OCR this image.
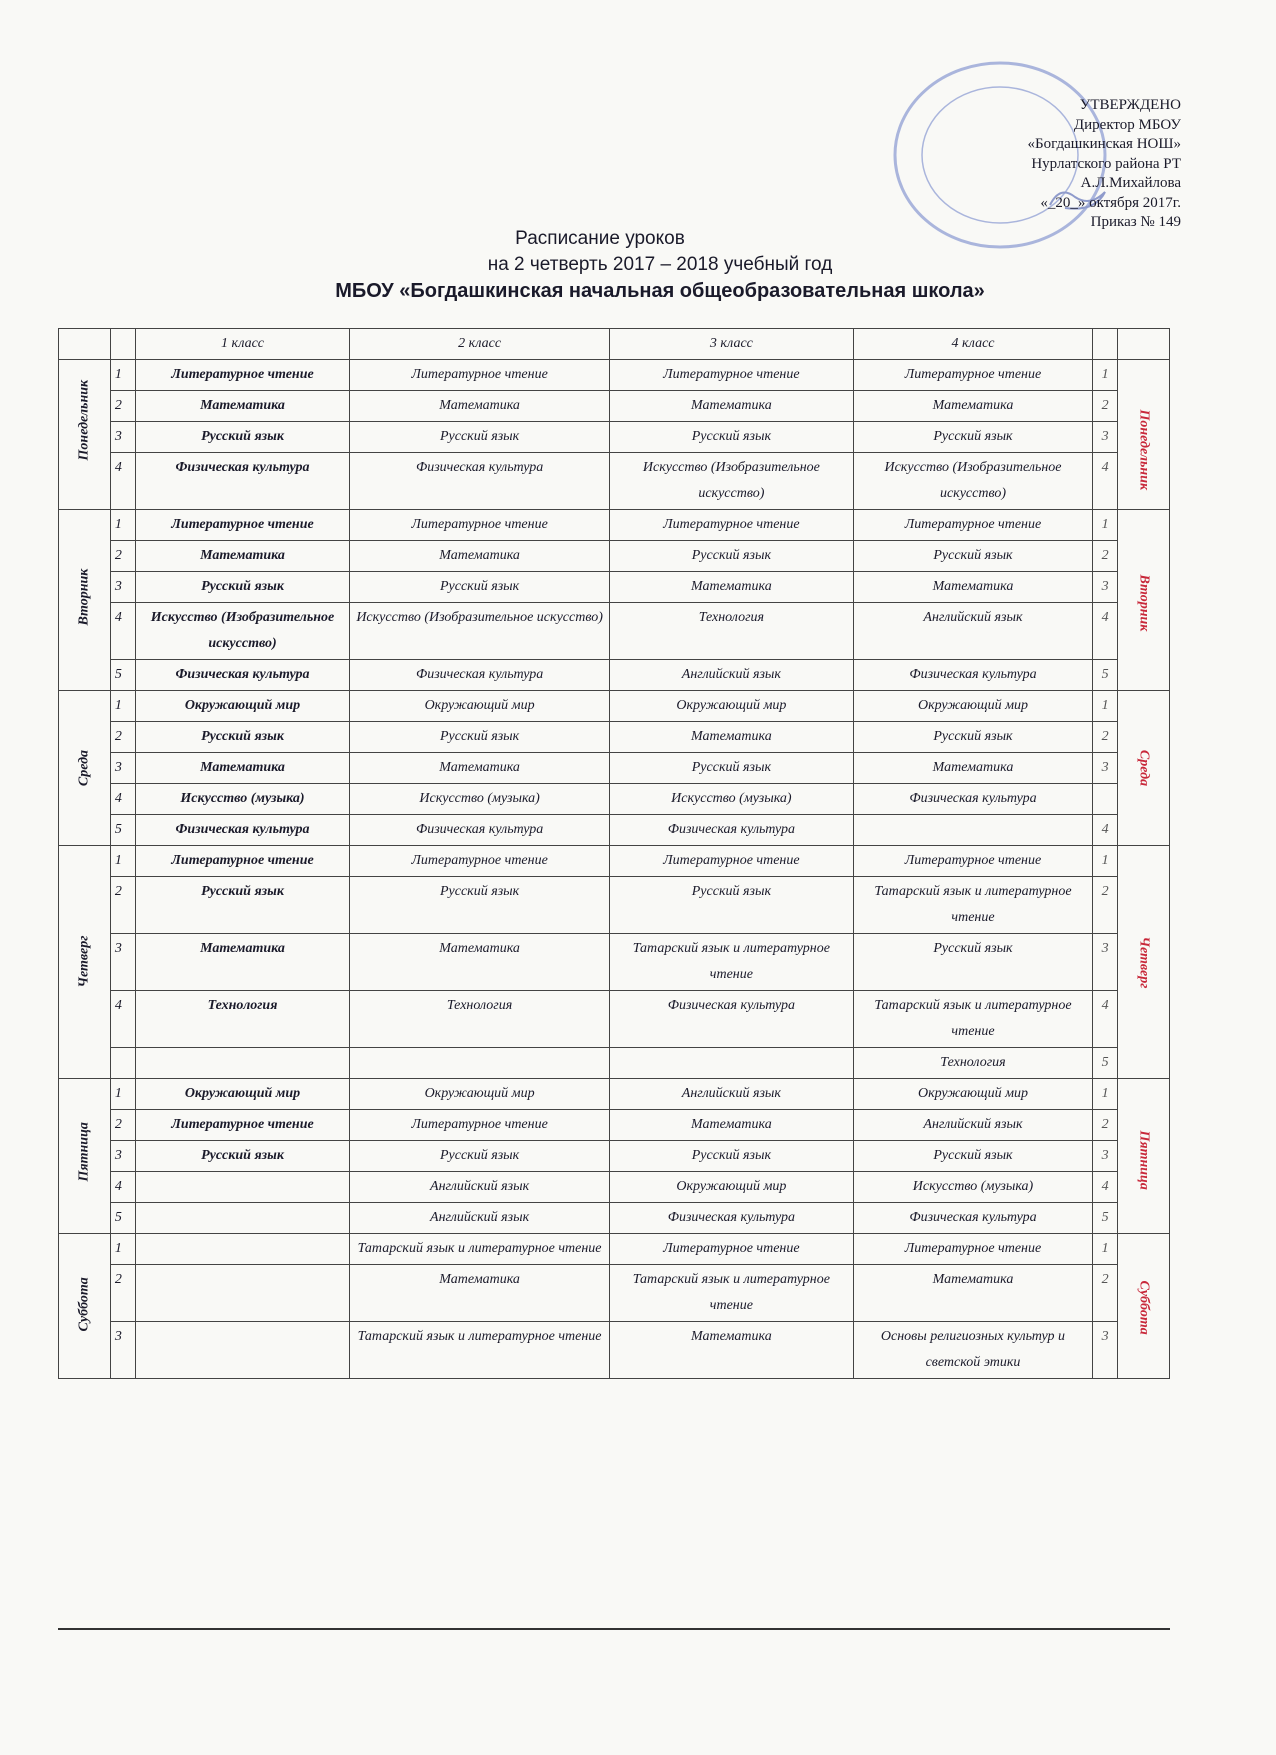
УТВЕРЖДЕНО
Директор МБОУ
«Богдашкинская НОШ»
Нурлатского района РТ
А.Л.Михайлова
«_20_» октября 2017г.
Приказ № 149
Расписание уроков
на 2 четверть 2017 – 2018 учебный год
МБОУ «Богдашкинская начальная общеобразовательная школа»
		1 класс	2 класс	3 класс	4 класс		

Понедельник	1	Литературное чтение	Литературное чтение	Литературное чтение	Литературное чтение	1	Понедельник

	2	Математика	Математика	Математика	Математика	2	
	3	Русский язык	Русский язык	Русский язык	Русский язык	3	
	4	Физическая культура	Физическая культура	Искусство (Изобразительное искусство)	Искусство (Изобразительное искусство)	4	

Вторник	1	Литературное чтение	Литературное чтение	Литературное чтение	Литературное чтение	1	Вторник

	2	Математика	Математика	Русский язык	Русский язык	2	
	3	Русский язык	Русский язык	Математика	Математика	3	
	4	Искусство (Изобразительное искусство)	Искусство (Изобразительное искусство)	Технология	Английский язык	4	
	5	Физическая культура	Физическая культура	Английский язык	Физическая культура	5	

Среда	1	Окружающий мир	Окружающий мир	Окружающий мир	Окружающий мир	1	Среда

	2	Русский язык	Русский язык	Математика	Русский язык	2	
	3	Математика	Математика	Русский язык	Математика	3	
	4	Искусство (музыка)	Искусство (музыка)	Искусство (музыка)	Физическая культура		
	5	Физическая культура	Физическая культура	Физическая культура		4	

Четверг	1	Литературное чтение	Литературное чтение	Литературное чтение	Литературное чтение	1	Четверг

	2	Русский язык	Русский язык	Русский язык	Татарский язык и литературное чтение	2	
	3	Математика	Математика	Татарский язык и литературное чтение	Русский язык	3	
	4	Технология	Технология	Физическая культура	Татарский язык и литературное чтение	4	
					Технология	5	

Пятница	1	Окружающий мир	Окружающий мир	Английский язык	Окружающий мир	1	Пятница

	2	Литературное чтение	Литературное чтение	Математика	Английский язык	2	
	3	Русский язык	Русский язык	Русский язык	Русский язык	3	
	4		Английский язык	Окружающий мир	Искусство (музыка)	4	
	5		Английский язык	Физическая культура	Физическая культура	5	

Суббота	1		Татарский язык и литературное чтение	Литературное чтение	Литературное чтение	1	Суббота

	2		Математика	Татарский язык и литературное чтение	Математика	2	
	3		Татарский язык и литературное чтение	Математика	Основы религиозных культур и светской этики	3	
